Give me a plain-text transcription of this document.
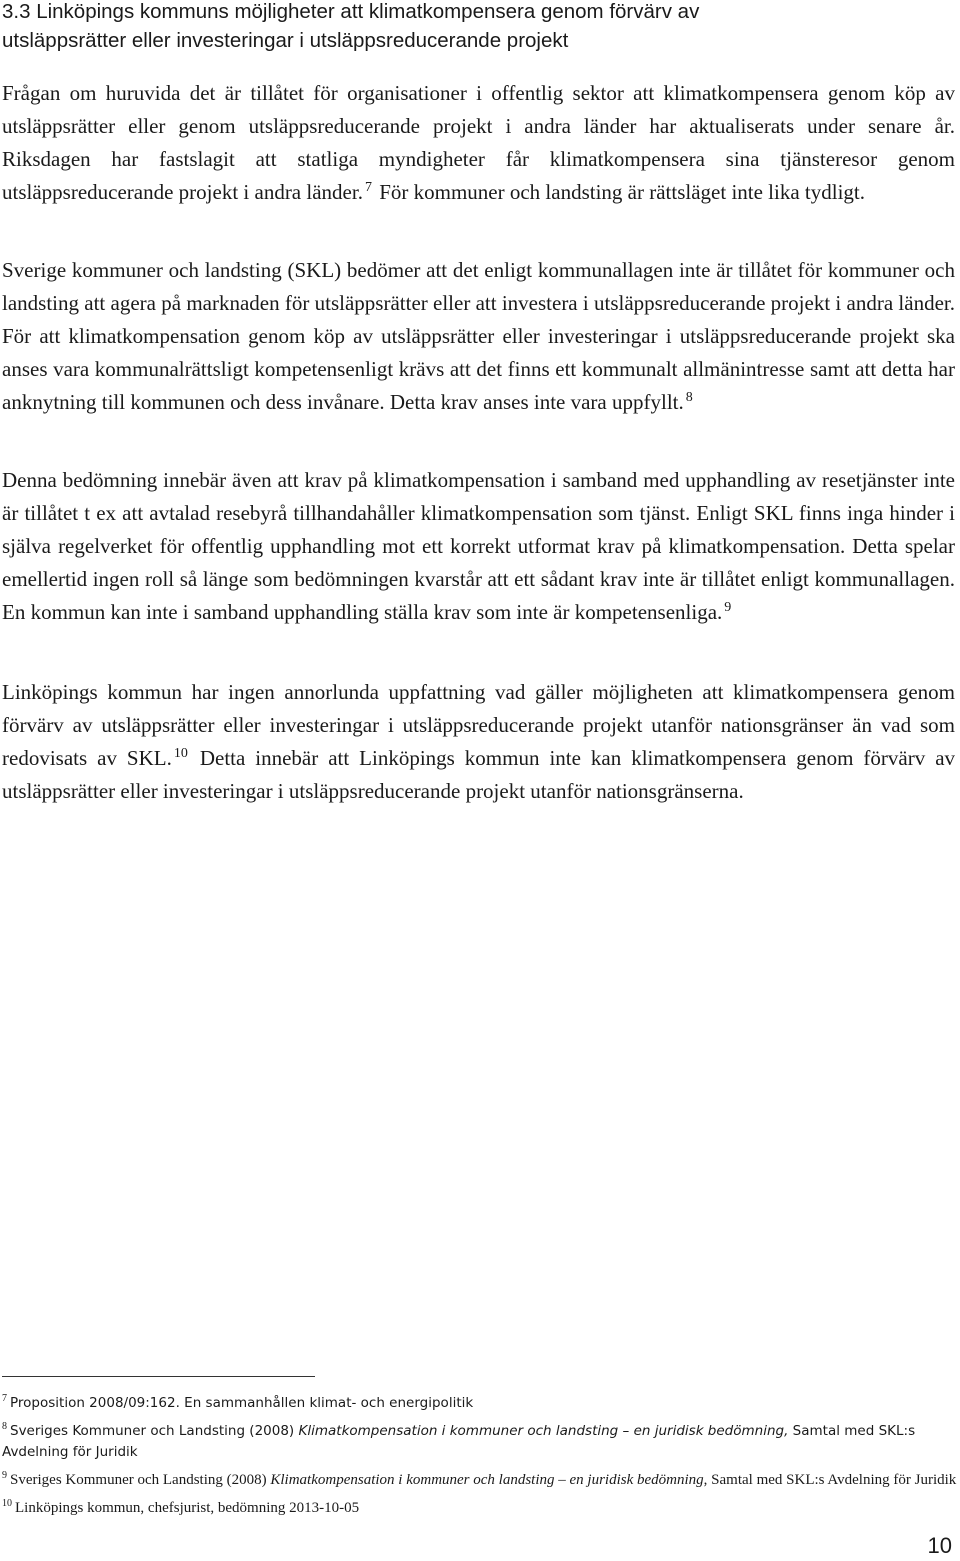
3.3 Linköpings kommuns möjligheter att klimatkompensera genom förvärv av
utsläppsrätter eller investeringar i utsläppsreducerande projekt

Frågan om huruvida det är tillåtet för organisationer i offentlig sektor att klimatkompensera genom köp av utsläppsrätter eller genom utsläppsreducerande projekt i andra länder har aktualiserats under senare år. Riksdagen har fastslagit att statliga myndigheter får klimatkompensera sina tjänsteresor genom utsläppsreducerande projekt i andra länder. $^7$ För kommuner och landsting är rättsläget inte lika tydligt.

Sverige kommuner och landsting (SKL) bedömer att det enligt kommunallagen inte är tillåtet för kommuner och landsting att agera på marknaden för utsläppsrätter eller att investera i utsläppsreducerande projekt i andra länder. För att klimatkompensation genom köp av utsläppsrätter eller investeringar i utsläppsreducerande projekt ska anses vara kommunalrättsligt kompetensenligt krävs att det finns ett kommunalt allmänintresse samt att detta har anknytning till kommunen och dess invånare. Detta krav anses inte vara uppfyllt. $^8$

Denna bedömning innebär även att krav på klimatkompensation i samband med upphandling av resetjänster inte är tillåtet t ex att avtalad resebyrå tillhandahåller klimatkompensation som tjänst. Enligt SKL finns inga hinder i själva regelverket för offentlig upphandling mot ett korrekt utformat krav på klimatkompensation. Detta spelar emellertid ingen roll så länge som bedömningen kvarstår att ett sådant krav inte är tillåtet enligt kommunallagen. En kommun kan inte i samband upphandling ställa krav som inte är kompetensenliga. $^9$

Linköpings kommun har ingen annorlunda uppfattning vad gäller möjligheten att klimatkompensera genom förvärv av utsläppsrätter eller investeringar i utsläppsreducerande projekt utanför nationsgränser än vad som redovisats av SKL. $^{10}$ Detta innebär att Linköpings kommun inte kan klimatkompensera genom förvärv av utsläppsrätter eller investeringar i utsläppsreducerande projekt utanför nationsgränserna.

$^7$ Proposition 2008/09:162. En sammanhållen klimat- och energipolitik

$^8$ Sveriges Kommuner och Landsting (2008) Klimatkompensation i kommuner och landsting – en juridisk bedömning, Samtal med SKL:s Avdelning för Juridik

$^9$ Sveriges Kommuner och Landsting (2008) Klimatkompensation i kommuner och landsting – en juridisk bedömning, Samtal med SKL:s Avdelning för Juridik

$^{10}$ Linköpings kommun, chefsjurist, bedömning 2013-10-05

10
